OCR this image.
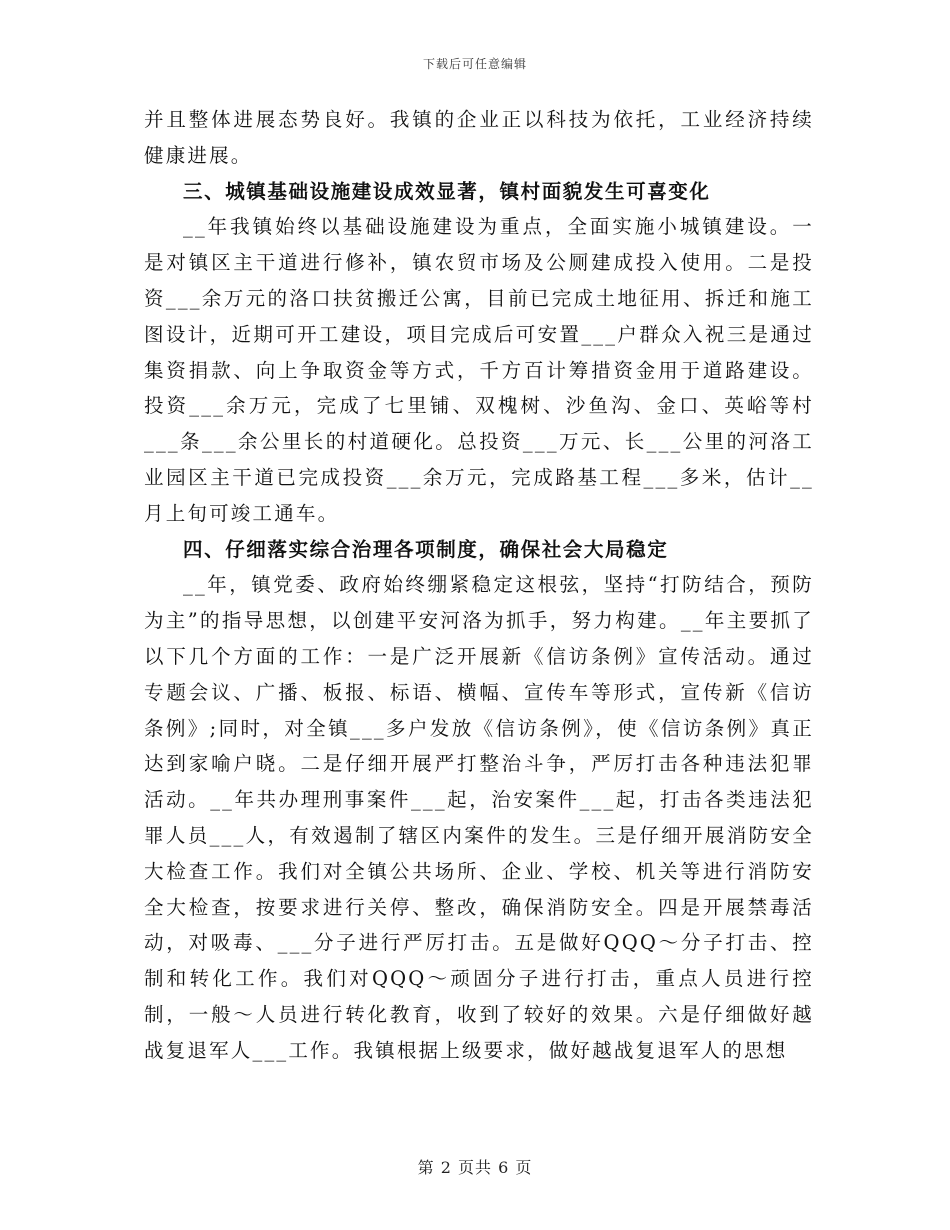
下载后可任意编辑

并且整体进展态势良好。我镇的企业正以科技为依托，工业经济持续健康进展。

三、城镇基础设施建设成效显著，镇村面貌发生可喜变化

__年我镇始终以基础设施建设为重点，全面实施小城镇建设。一是对镇区主干道进行修补，镇农贸市场及公厕建成投入使用。二是投资___余万元的洛口扶贫搬迁公寓，目前已完成土地征用、拆迁和施工图设计，近期可开工建设，项目完成后可安置___户群众入祝三是通过集资捐款、向上争取资金等方式，千方百计筹措资金用于道路建设。投资___余万元，完成了七里铺、双槐树、沙鱼沟、金口、英峪等村___条___余公里长的村道硬化。总投资___万元、长___公里的河洛工业园区主干道已完成投资___余万元，完成路基工程___多米，估计__月上旬可竣工通车。

四、仔细落实综合治理各项制度，确保社会大局稳定

__年，镇党委、政府始终绷紧稳定这根弦，坚持“打防结合，预防为主”的指导思想，以创建平安河洛为抓手，努力构建。__年主要抓了以下几个方面的工作：一是广泛开展新《信访条例》宣传活动。通过专题会议、广播、板报、标语、横幅、宣传车等形式，宣传新《信访条例》;同时，对全镇___多户发放《信访条例》，使《信访条例》真正达到家喻户晓。二是仔细开展严打整治斗争，严厉打击各种违法犯罪活动。__年共办理刑事案件___起，治安案件___起，打击各类违法犯罪人员___人，有效遏制了辖区内案件的发生。三是仔细开展消防安全大检查工作。我们对全镇公共场所、企业、学校、机关等进行消防安全大检查，按要求进行关停、整改，确保消防安全。四是开展禁毒活动，对吸毒、___分子进行严厉打击。五是做好QQQ～分子打击、控制和转化工作。我们对QQQ～顽固分子进行打击，重点人员进行控制，一般～人员进行转化教育，收到了较好的效果。六是仔细做好越战复退军人___工作。我镇根据上级要求，做好越战复退军人的思想

第 2 页共 6 页
